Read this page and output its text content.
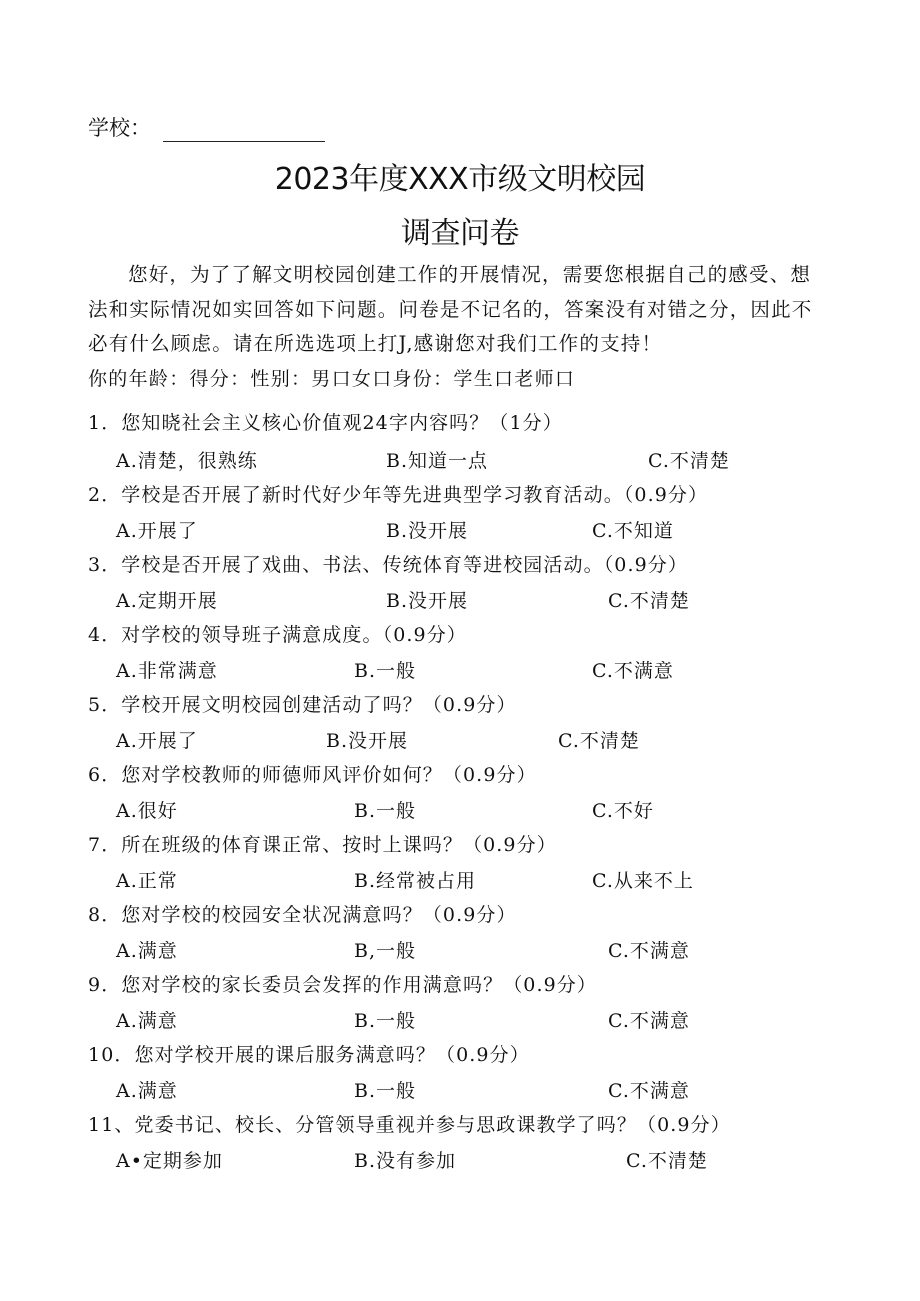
学校：
2023年度XXX市级文明校园
调查问卷
您好，为了了解文明校园创建工作的开展情况，需要您根据自己的感受、想法和实际情况如实回答如下问题。问卷是不记名的，答案没有对错之分，因此不必有什么顾虑。请在所选选项上打J,感谢您对我们工作的支持！
你的年龄：得分：性别：男口女口身份：学生口老师口
1．您知晓社会主义核心价值观24字内容吗？（1分）
A.清楚，很熟练	B.知道一点	C.不清楚
2．学校是否开展了新时代好少年等先进典型学习教育活动。（0.9分）
A.开展了	B.没开展	C.不知道
3．学校是否开展了戏曲、书法、传统体育等进校园活动。（0.9分）
A.定期开展	B.没开展	C.不清楚
4．对学校的领导班子满意成度。（0.9分）
A.非常满意	B.一般	C.不满意
5．学校开展文明校园创建活动了吗？（0.9分）
A.开展了	B.没开展	C.不清楚
6．您对学校教师的师德师风评价如何？（0.9分）
A.很好	B.一般	C.不好
7．所在班级的体育课正常、按时上课吗？（0.9分）
A.正常	B.经常被占用	C.从来不上
8．您对学校的校园安全状况满意吗？（0.9分）
A.满意	B,一般	C.不满意
9．您对学校的家长委员会发挥的作用满意吗？（0.9分）
A.满意	B.一般	C.不满意
10．您对学校开展的课后服务满意吗？（0.9分）
A.满意	B.一般	C.不满意
11、党委书记、校长、分管领导重视并参与思政课教学了吗？（0.9分）
A•定期参加	B.没有参加	C.不清楚
